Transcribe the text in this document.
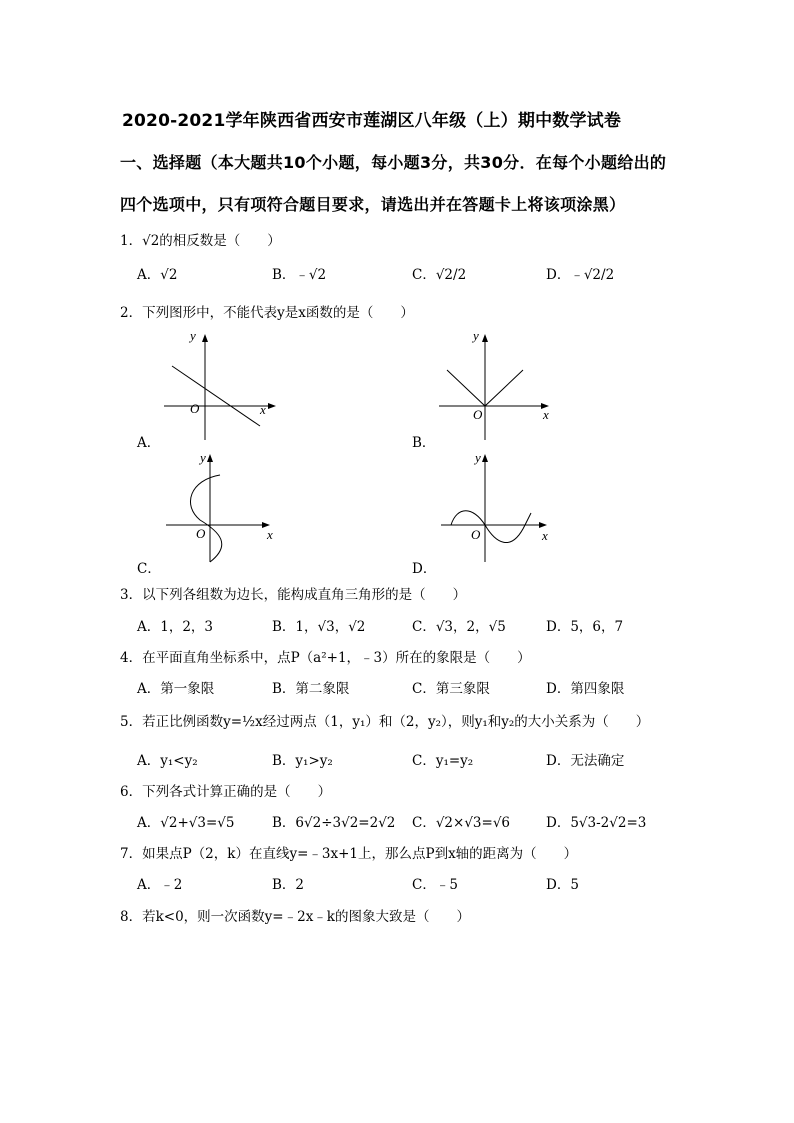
2020-2021学年陕西省西安市莲湖区八年级（上）期中数学试卷
一、选择题（本大题共10个小题，每小题3分，共30分．在每个小题给出的
四个选项中，只有项符合题目要求，请选出并在答题卡上将该项涂黑）
1．√2的相反数是（　　）
A．√2	B．﹣√2	C．√2/2	D．﹣√2/2
2．下列图形中，不能代表y是x函数的是（　　）
y
x
O
A．
y
x
O
B．
y
x
O
C．
y
x
O
D．
3．以下列各组数为边长，能构成直角三角形的是（　　）
A．1，2，3	B．1，√3，√2	C．√3，2，√5	D．5，6，7
4．在平面直角坐标系中，点P（a²+1，﹣3）所在的象限是（　　）
A．第一象限	B．第二象限	C．第三象限	D．第四象限
5．若正比例函数y=½x经过两点（1，y₁）和（2，y₂），则y₁和y₂的大小关系为（　　）
A．y₁<y₂	B．y₁>y₂	C．y₁=y₂	D．无法确定
6．下列各式计算正确的是（　　）
A．√2+√3=√5	B．6√2÷3√2=2√2 C．√2×√3=√6	D．5√3-2√2=3
7．如果点P（2，k）在直线y=﹣3x+1上，那么点P到x轴的距离为（　　）
A．﹣2	B．2	C．﹣5	D．5
8．若k<0，则一次函数y=﹣2x﹣k的图象大致是（　　）
